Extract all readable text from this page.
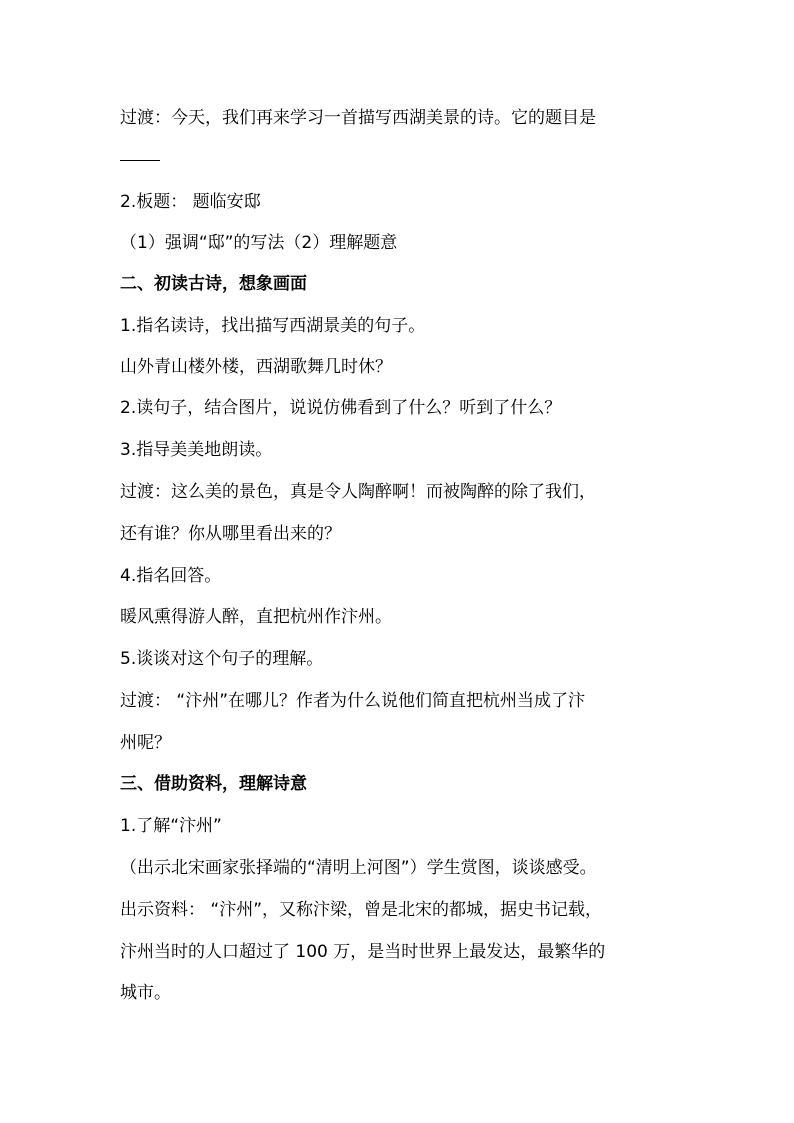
过渡：今天，我们再来学习一首描写西湖美景的诗。它的题目是
2.板题： 题临安邸
（1）强调“邸”的写法（2）理解题意
二、初读古诗，想象画面
1.指名读诗，找出描写西湖景美的句子。
山外青山楼外楼，西湖歌舞几时休？
2.读句子，结合图片，说说仿佛看到了什么？听到了什么？
3.指导美美地朗读。
过渡：这么美的景色，真是令人陶醉啊！而被陶醉的除了我们，
还有谁？你从哪里看出来的？
4.指名回答。
暖风熏得游人醉，直把杭州作汴州。
5.谈谈对这个句子的理解。
过渡： “汴州”在哪儿？作者为什么说他们简直把杭州当成了汴
州呢？
三、借助资料，理解诗意
1.了解“汴州”
（出示北宋画家张择端的“清明上河图”）学生赏图，谈谈感受。
出示资料： “汴州”，又称汴梁，曾是北宋的都城，据史书记载，
汴州当时的人口超过了 100 万，是当时世界上最发达，最繁华的
城市。
